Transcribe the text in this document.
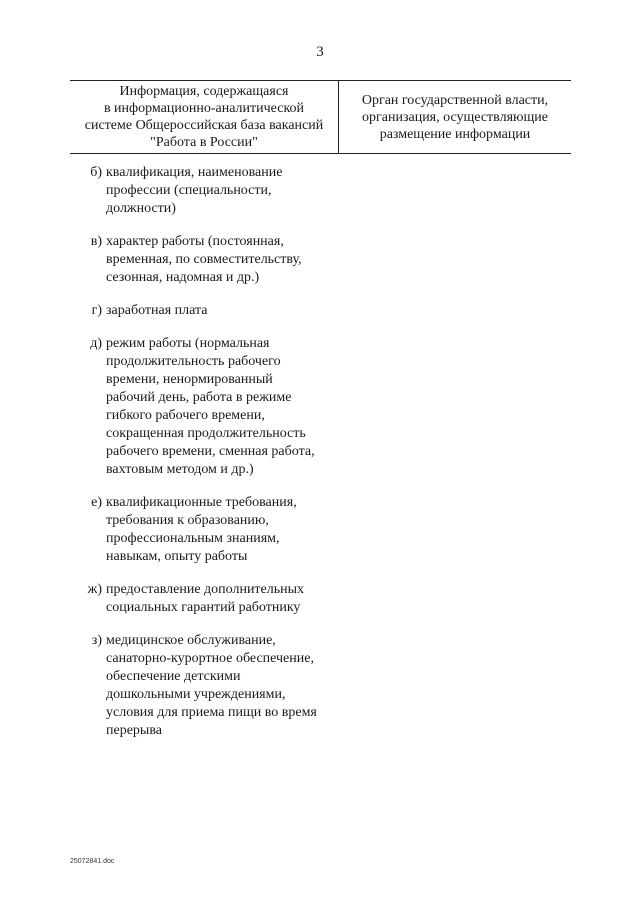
3
Информация, содержащаяся
в информационно-аналитической
системе Общероссийская база вакансий
"Работа в России"
Орган государственной власти,
организация, осуществляющие
размещение информации
б) квалификация, наименование
профессии (специальности,
должности)
в) характер работы (постоянная,
временная, по совместительству,
сезонная, надомная и др.)
г) заработная плата
д) режим работы (нормальная
продолжительность рабочего
времени, ненормированный
рабочий день, работа в режиме
гибкого рабочего времени,
сокращенная продолжительность
рабочего времени, сменная работа,
вахтовым методом и др.)
е) квалификационные требования,
требования к образованию,
профессиональным знаниям,
навыкам, опыту работы
ж) предоставление дополнительных
социальных гарантий работнику
з) медицинское обслуживание,
санаторно-курортное обеспечение,
обеспечение детскими
дошкольными учреждениями,
условия для приема пищи во время
перерыва
25072841.doc
